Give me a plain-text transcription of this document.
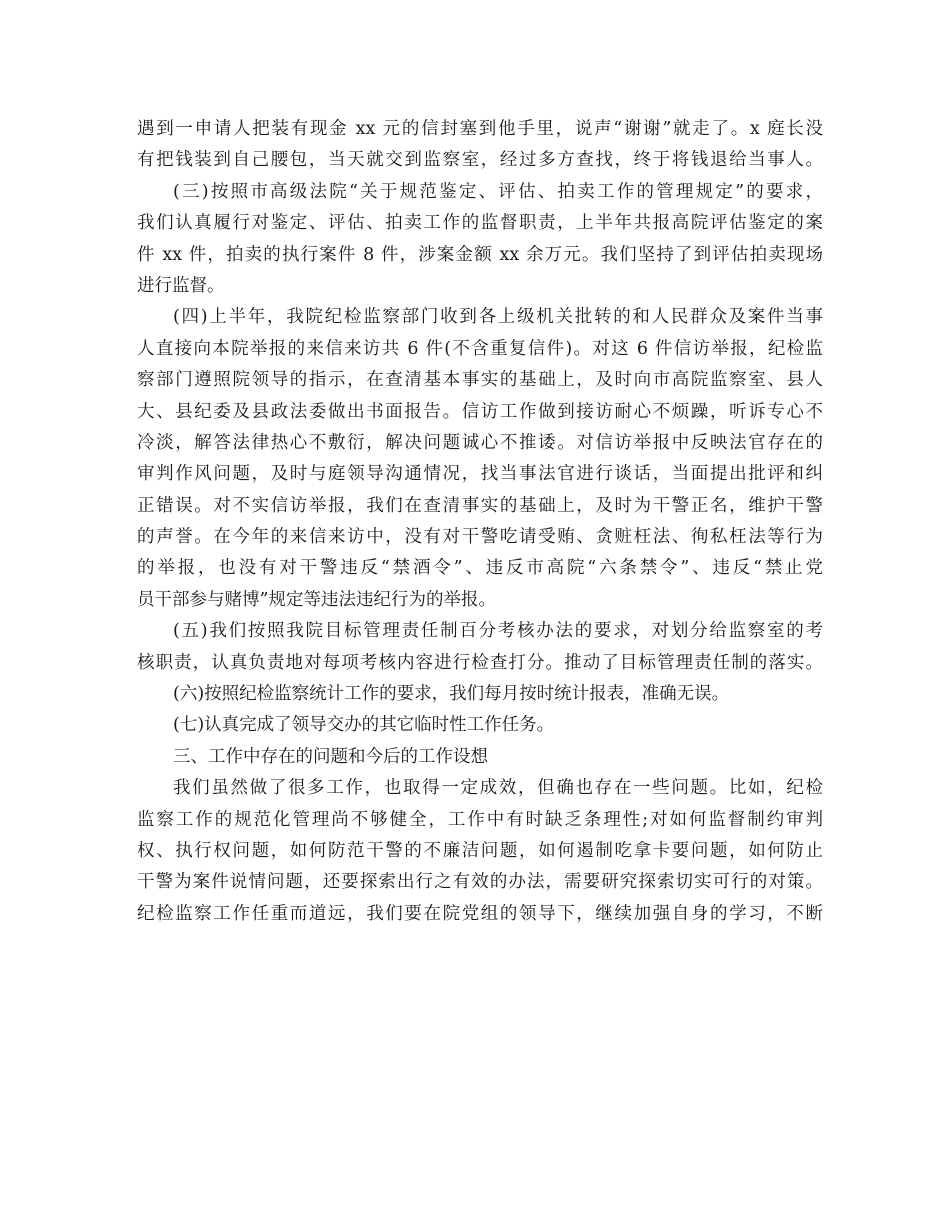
遇到一申请人把装有现金 xx 元的信封塞到他手里，说声“谢谢”就走了。x 庭长没
有把钱装到自己腰包，当天就交到监察室，经过多方查找，终于将钱退给当事人。
(三)按照市高级法院“关于规范鉴定、评估、拍卖工作的管理规定”的要求，
我们认真履行对鉴定、评估、拍卖工作的监督职责，上半年共报高院评估鉴定的案
件 xx 件，拍卖的执行案件 8 件，涉案金额 xx 余万元。我们坚持了到评估拍卖现场
进行监督。
(四)上半年，我院纪检监察部门收到各上级机关批转的和人民群众及案件当事
人直接向本院举报的来信来访共 6 件(不含重复信件)。对这 6 件信访举报，纪检监
察部门遵照院领导的指示，在查清基本事实的基础上，及时向市高院监察室、县人
大、县纪委及县政法委做出书面报告。信访工作做到接访耐心不烦躁，听诉专心不
冷淡，解答法律热心不敷衍，解决问题诚心不推诿。对信访举报中反映法官存在的
审判作风问题，及时与庭领导沟通情况，找当事法官进行谈话，当面提出批评和纠
正错误。对不实信访举报，我们在查清事实的基础上，及时为干警正名，维护干警
的声誉。在今年的来信来访中，没有对干警吃请受贿、贪赃枉法、徇私枉法等行为
的举报，也没有对干警违反“禁酒令”、违反市高院“六条禁令”、违反“禁止党
员干部参与赌博”规定等违法违纪行为的举报。
(五)我们按照我院目标管理责任制百分考核办法的要求，对划分给监察室的考
核职责，认真负责地对每项考核内容进行检查打分。推动了目标管理责任制的落实。
(六)按照纪检监察统计工作的要求，我们每月按时统计报表，准确无误。
(七)认真完成了领导交办的其它临时性工作任务。
三、工作中存在的问题和今后的工作设想
我们虽然做了很多工作，也取得一定成效，但确也存在一些问题。比如，纪检
监察工作的规范化管理尚不够健全，工作中有时缺乏条理性;对如何监督制约审判
权、执行权问题，如何防范干警的不廉洁问题，如何遏制吃拿卡要问题，如何防止
干警为案件说情问题，还要探索出行之有效的办法，需要研究探索切实可行的对策。
纪检监察工作任重而道远，我们要在院党组的领导下，继续加强自身的学习，不断
